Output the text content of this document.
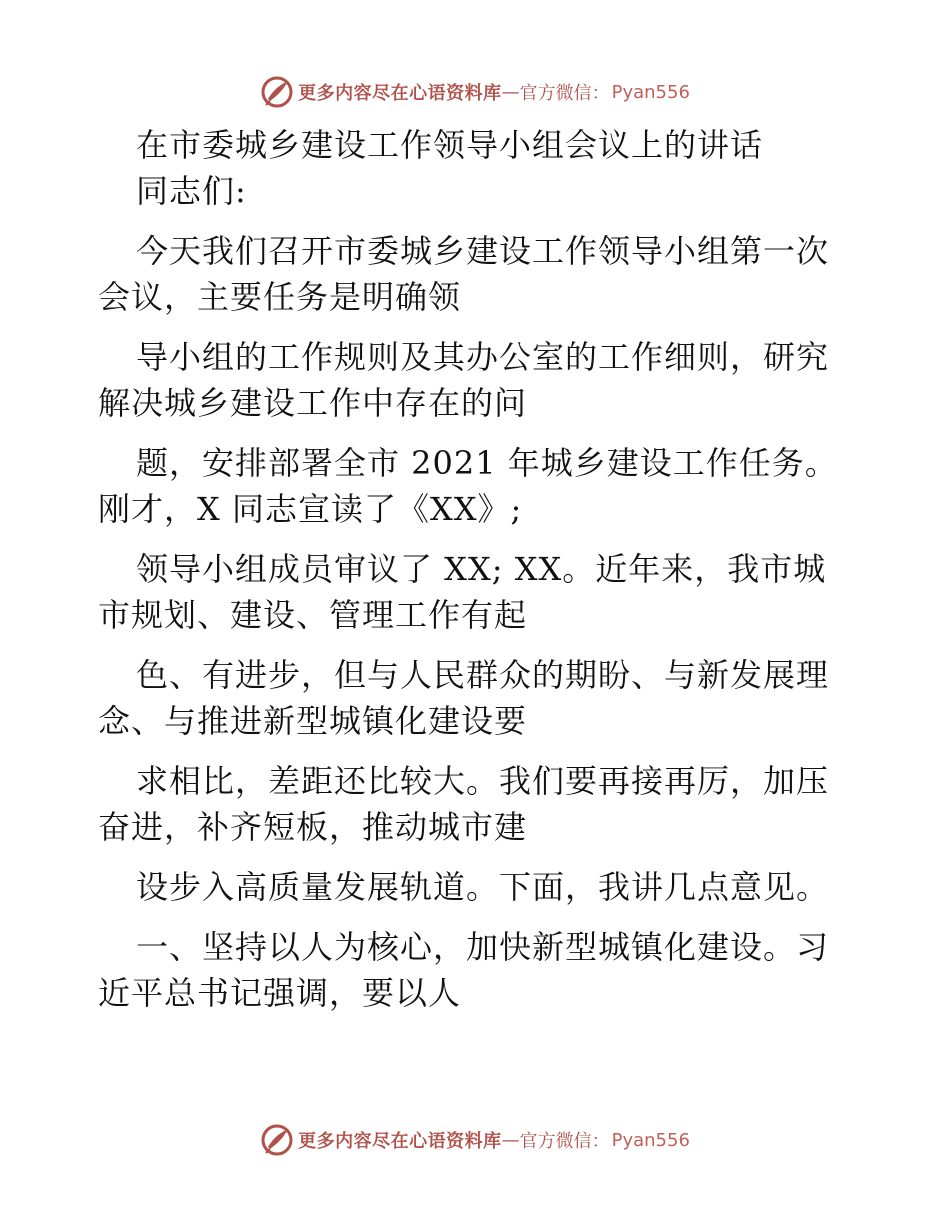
更多内容尽在心语资料库 — 官方微信： Pyan556
在市委城乡建设工作领导小组会议上的讲话
同志们:
今天我们召开市委城乡建设工作领导小组第一次
会议，主要任务是明确领
导小组的工作规则及其办公室的工作细则，研究
解决城乡建设工作中存在的问
题，安排部署全市 2021 年城乡建设工作任务。
刚才，X 同志宣读了《XX》;
领导小组成员审议了 XX; XX。近年来，我市城
市规划、建设、管理工作有起
色、有进步，但与人民群众的期盼、与新发展理
念、与推进新型城镇化建设要
求相比，差距还比较大。我们要再接再厉，加压
奋进，补齐短板，推动城市建
设步入高质量发展轨道。下面，我讲几点意见。
一、坚持以人为核心，加快新型城镇化建设。习
近平总书记强调，要以人
更多内容尽在心语资料库 — 官方微信： Pyan556
